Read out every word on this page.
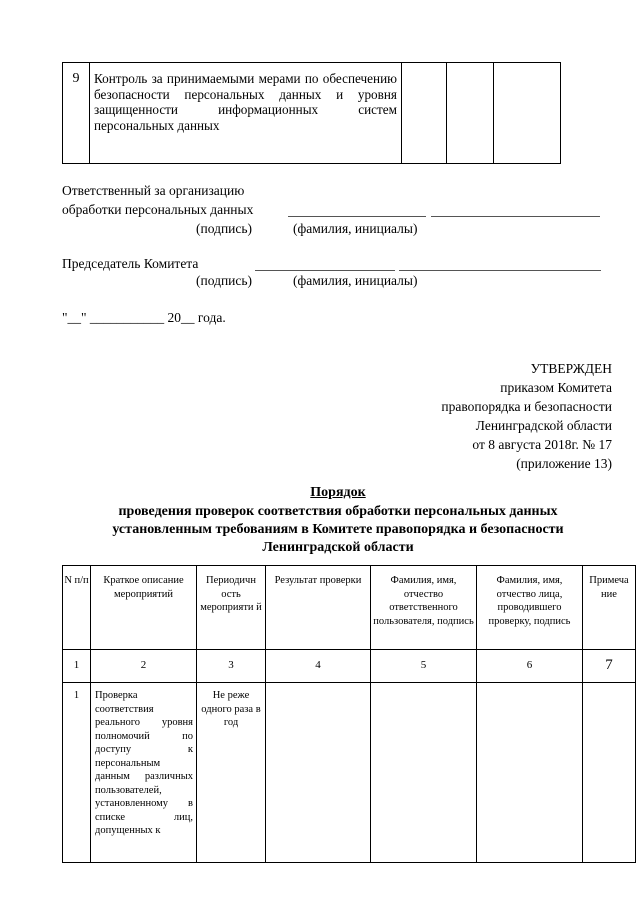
9	Контроль за принимаемыми мерами по обеспечению безопасности персональных данных и уровня защищенности информационных систем персональных данных			
Ответственный за организацию
обработки персональных данных
(подпись)	(фамилия, инициалы)
Председатель Комитета
(подпись)	(фамилия, инициалы)
"__" ___________ 20__ года.
УТВЕРЖДЕН
приказом Комитета
правопорядка и безопасности
Ленинградской области
от 8 августа 2018г. № 17
(приложение 13)
Порядок
проведения проверок соответствия обработки персональных данных
установленным требованиям в Комитете правопорядка и безопасности
Ленинградской области
N п/п	Краткое описание мероприятий	Периодичн ость мероприяти й	Результат проверки	Фамилия, имя, отчество ответственного пользователя, подпись	Фамилия, имя, отчество лица, проводившего проверку, подпись	Примеча ние
1	2	3	4	5	6	7
1	Проверка соответствия реального уровня полномочий по доступу к персональным данным различных пользователей, установленному в списке лиц, допущенных к	Не реже одного раза в год				
